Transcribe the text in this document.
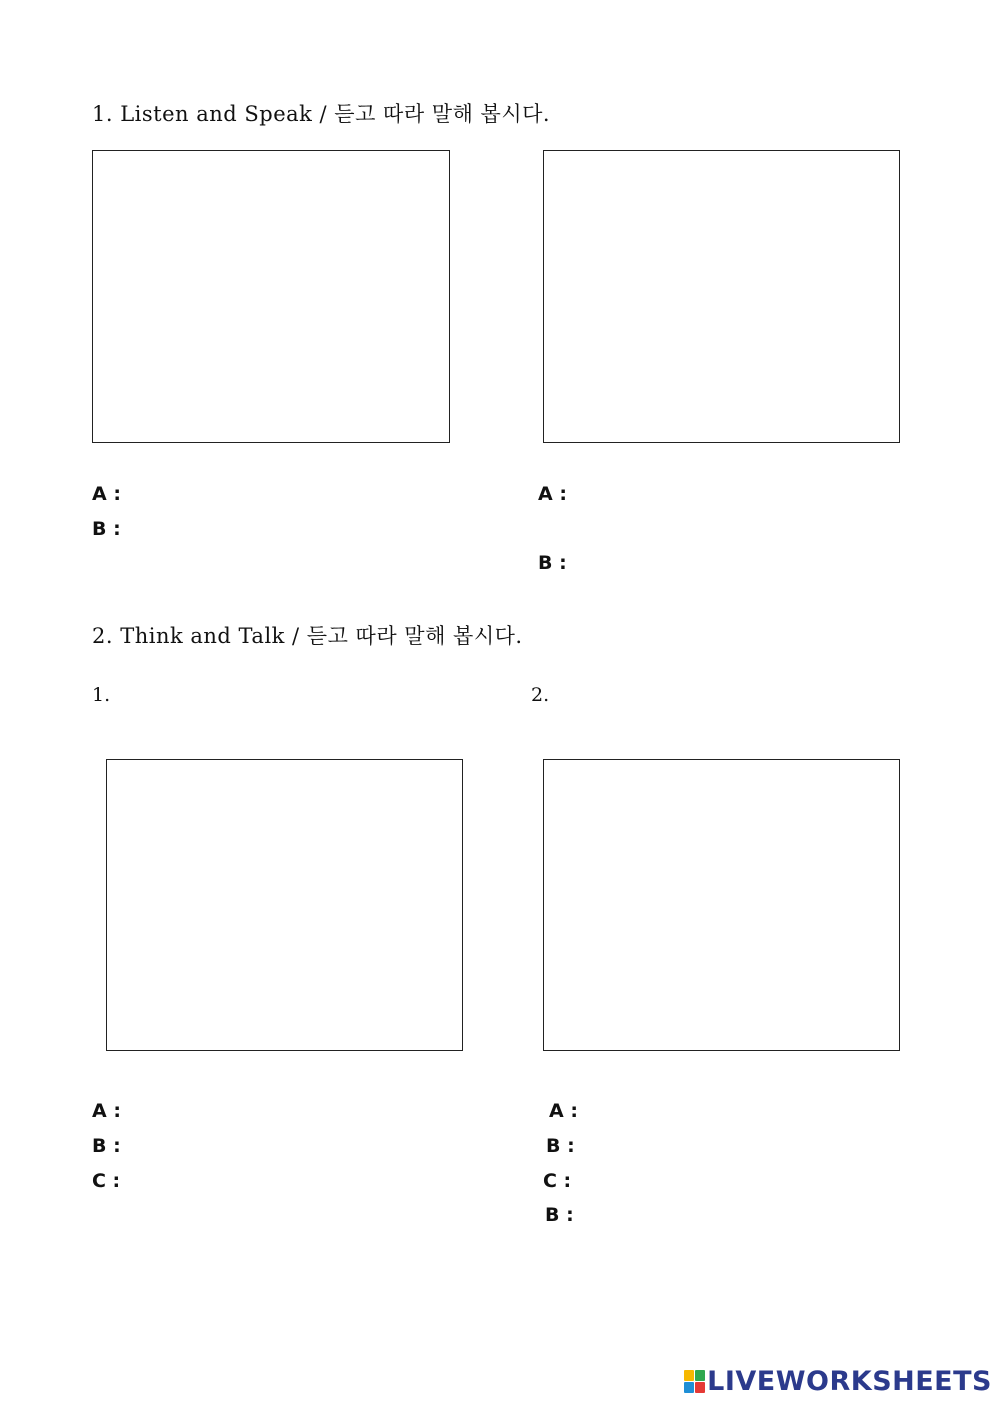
1. Listen and Speak / 듣고 따라 말해 봅시다.
A :
B :
A :
B :
2. Think and Talk / 듣고 따라 말해 봅시다.
1.	2.
A :
B :
C :
A :
B :
C :
B :
LIVEWORKSHEETS
